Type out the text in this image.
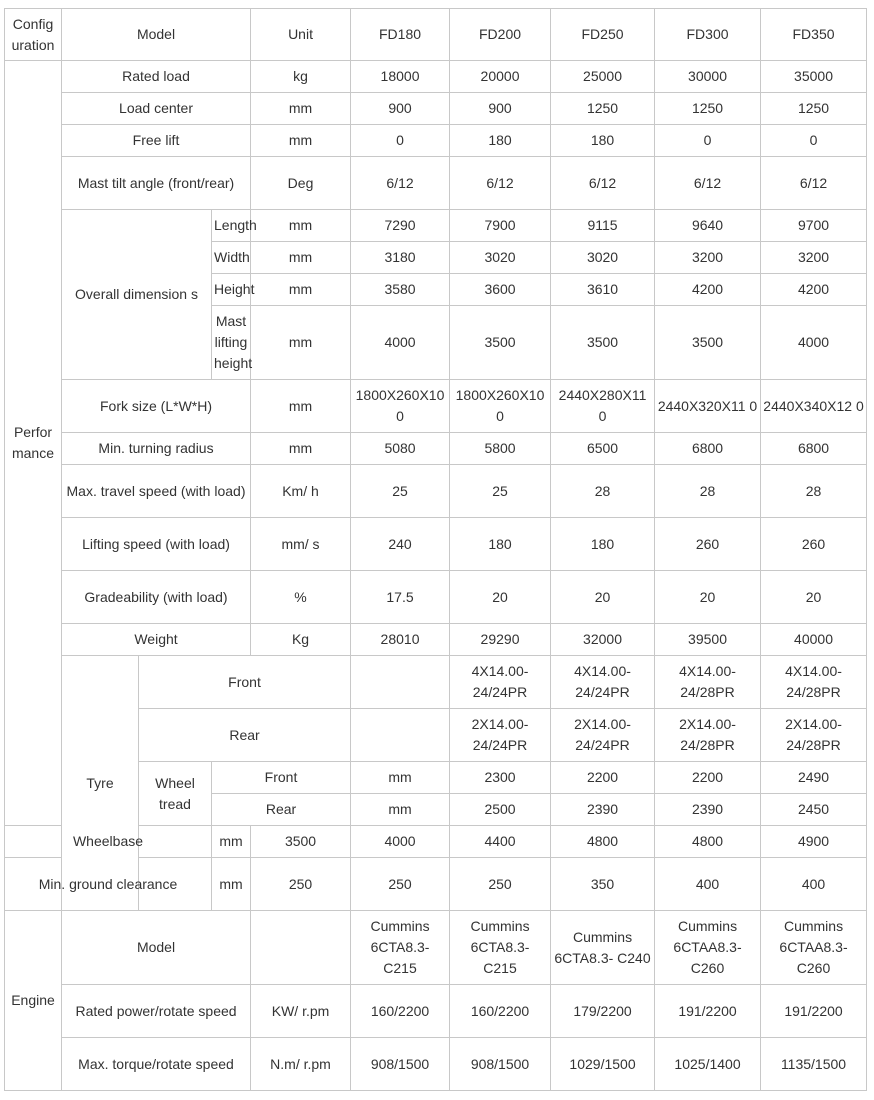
Config uration	Model			Unit	FD180	FD200	FD250	FD300	FD350	
Perfor mance	Rated load			kg	18000	20000	25000	30000	35000	
	Load center			mm	900	900	1250	1250	1250	
	Free lift			mm	0	180	180	0	0	
	Mast tilt angle (front/rear)			Deg	6/12	6/12	6/12	6/12	6/12	
	Overall dimension s		Length	mm	7290	7900	9115	9640	9700	
			Width	mm	3180	3020	3020	3200	3200	
			Height	mm	3580	3600	3610	4200	4200	
			Mast lifting height	mm	4000	3500	3500	3500	4000	
	Fork size (L*W*H)			mm	1800X260X10 0	1800X260X10 0	2440X280X11 0	2440X320X11 0	2440X340X12 0	
	Min. turning radius			mm	5080	5800	6500	6800	6800	
	Max. travel speed (with load)			Km/ h	25	25	28	28	28	
	Lifting speed (with load)			mm/ s	240	180	180	260	260	
	Gradeability (with load)			%	17.5	20	20	20	20	
	Weight			Kg	28010	29290	32000	39500	40000	
	Tyre	Front				4X14.00- 24/24PR	4X14.00- 24/24PR	4X14.00- 24/28PR	4X14.00- 24/28PR		
		Rear				2X14.00- 24/24PR	2X14.00- 24/24PR	2X14.00- 24/28PR	2X14.00- 24/28PR		
		Wheel tread	Front		mm	2300	2200	2200	2490		
			Rear		mm	2500	2390	2390	2450		
Wheelbase			mm	3500	4000	4400	4800	4800	4900	
Min. ground clearance			mm	250	250	250	350	400	400	
Engine	Model				Cummins 6CTA8.3- C215	Cummins 6CTA8.3- C215	Cummins 6CTA8.3- C240	Cummins 6CTAA8.3- C260	Cummins 6CTAA8.3- C260	
	Rated power/rotate speed			KW/ r.pm	160/2200	160/2200	179/2200	191/2200	191/2200	
	Max. torque/rotate speed			N.m/ r.pm	908/1500	908/1500	1029/1500	1025/1400	1135/1500	
